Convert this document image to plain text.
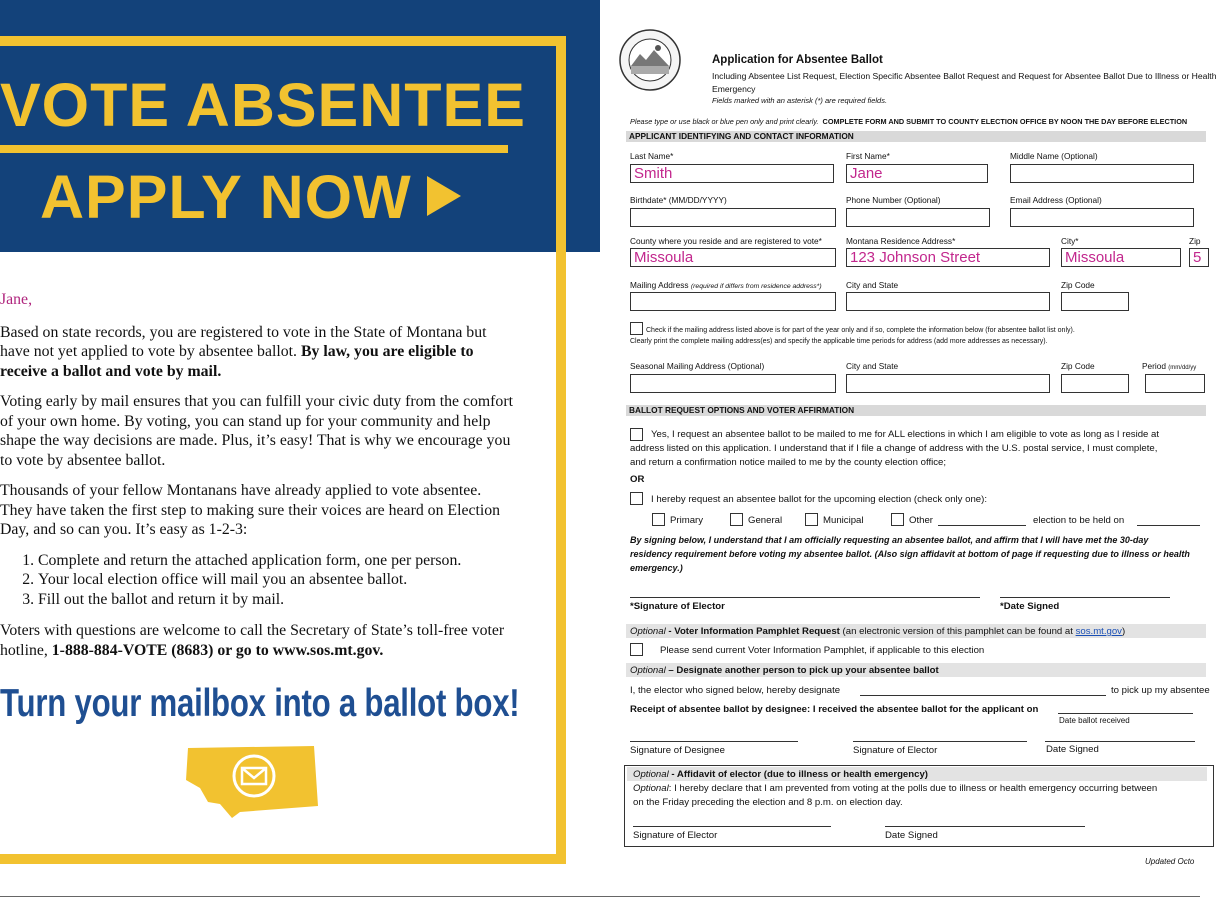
VOTE ABSENTEE
APPLY NOW

Jane,

Based on state records, you are registered to vote in the State of Montana but have not yet applied to vote by absentee ballot. By law, you are eligible to receive a ballot and vote by mail.

Voting early by mail ensures that you can fulfill your civic duty from the comfort of your own home. By voting, you can stand up for your community and help shape the way decisions are made. Plus, it’s easy! That is why we encourage you to vote by absentee ballot.

Thousands of your fellow Montanans have already applied to vote absentee. They have taken the first step to making sure their voices are heard on Election Day, and so can you. It’s easy as 1-2-3:

1. Complete and return the attached application form, one per person.
2. Your local election office will mail you an absentee ballot.
3. Fill out the ballot and return it by mail.

Voters with questions are welcome to call the Secretary of State’s toll-free voter hotline, 1-888-884-VOTE (8683) or go to www.sos.mt.gov.

Turn your mailbox into a ballot box!
Application for Absentee Ballot
Including Absentee List Request, Election Specific Absentee Ballot Request and Request for Absentee Ballot Due to Illness or Health
Emergency
Fields marked with an asterisk (*) are required fields.
Please type or use black or blue pen only and print clearly. COMPLETE FORM AND SUBMIT TO COUNTY ELECTION OFFICE BY NOON THE DAY BEFORE ELECTION
APPLICANT IDENTIFYING AND CONTACT INFORMATION
Last Name*	First Name*	Middle Name (Optional)
Smith	Jane
Birthdate* (MM/DD/YYYY)	Phone Number (Optional)	Email Address (Optional)
County where you reside and are registered to vote*	Montana Residence Address*	City*	Zip
Missoula	123 Johnson Street	Missoula	5
Mailing Address (required if differs from residence address*)	City and State	Zip Code
Check if the mailing address listed above is for part of the year only and if so, complete the information below (for absentee ballot list only).
Clearly print the complete mailing address(es) and specify the applicable time periods for address (add more addresses as necessary).
Seasonal Mailing Address (Optional)	City and State	Zip Code	Period (mm/dd/yy
BALLOT REQUEST OPTIONS AND VOTER AFFIRMATION
Yes, I request an absentee ballot to be mailed to me for ALL elections in which I am eligible to vote as long as I reside at
address listed on this application. I understand that if I file a change of address with the U.S. postal service, I must complete,
and return a confirmation notice mailed to me by the county election office;
OR
I hereby request an absentee ballot for the upcoming election (check only one):
Primary	General	Municipal	Other	election to be held on
By signing below, I understand that I am officially requesting an absentee ballot, and affirm that I will have met the 30-day
residency requirement before voting my absentee ballot. (Also sign affidavit at bottom of page if requesting due to illness or health
emergency.)
*Signature of Elector	*Date Signed
Optional - Voter Information Pamphlet Request (an electronic version of this pamphlet can be found at sos.mt.gov)
Please send current Voter Information Pamphlet, if applicable to this election
Optional – Designate another person to pick up your absentee ballot
I, the elector who signed below, hereby designate	to pick up my absentee
Receipt of absentee ballot by designee: I received the absentee ballot for the applicant on
Date ballot received
Signature of Designee	Signature of Elector	Date Signed
Optional - Affidavit of elector (due to illness or health emergency)
Optional: I hereby declare that I am prevented from voting at the polls due to illness or health emergency occurring between
on the Friday preceding the election and 8 p.m. on election day.
Signature of Elector	Date Signed
Updated Octo
